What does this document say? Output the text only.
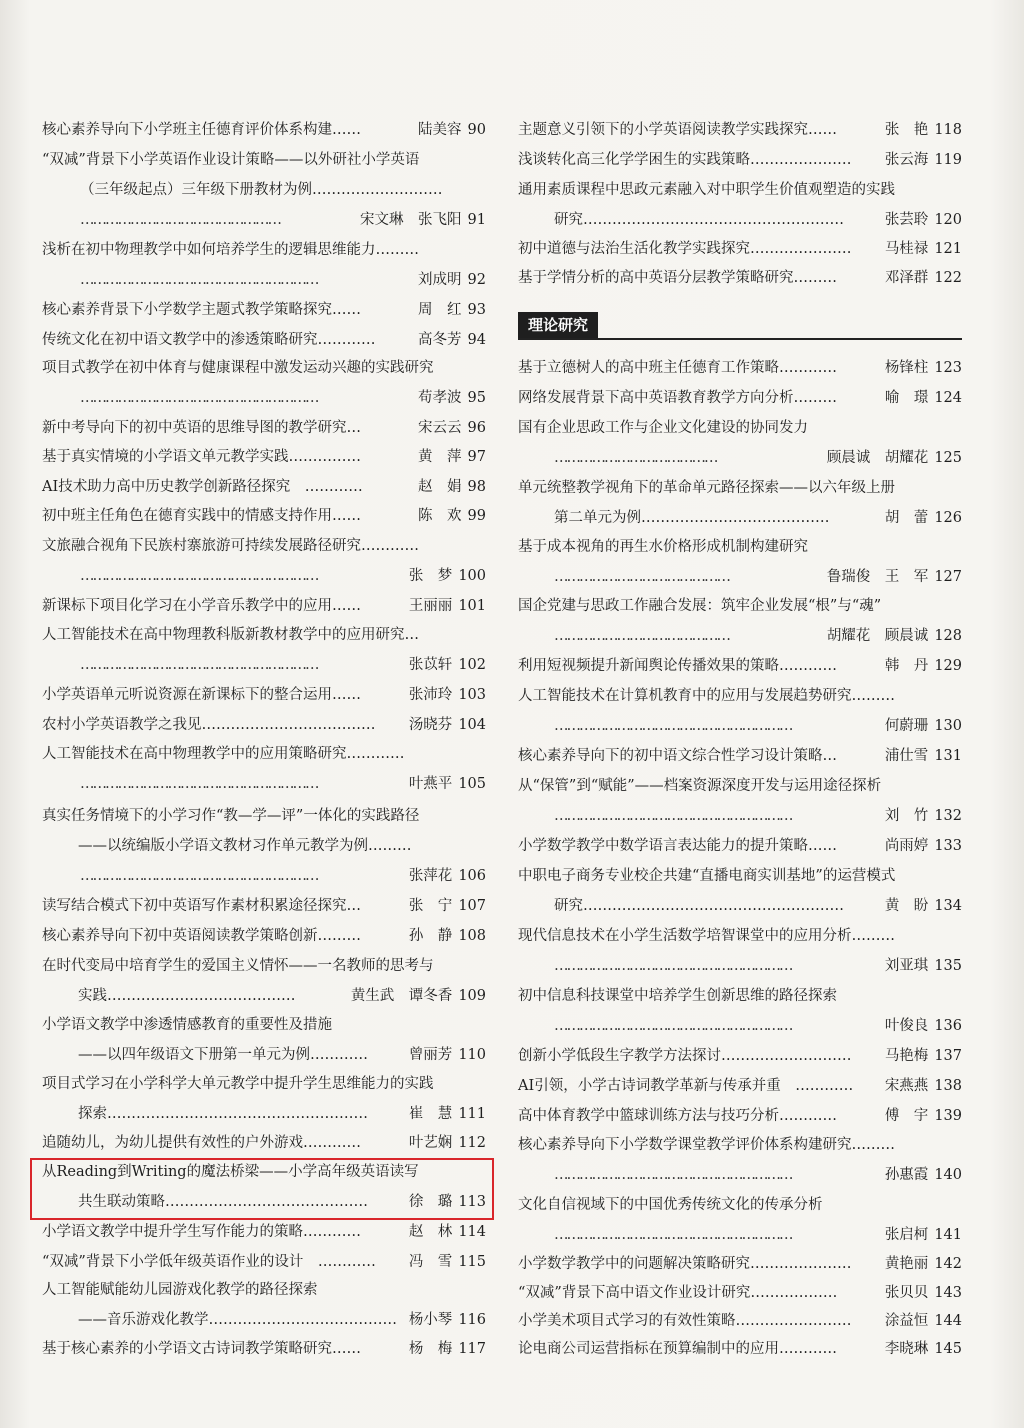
核心素养导向下小学班主任德育评价体系构建……	陆美容 90
“双减”背景下小学英语作业设计策略——以外研社小学英语
（三年级起点）三年级下册教材为例………………………
…………………………………………	宋文琳　张飞阳 91
浅析在初中物理教学中如何培养学生的逻辑思维能力………
…………………………………………………	刘成明 92
核心素养背景下小学数学主题式教学策略探究……	周　红 93
传统文化在初中语文教学中的渗透策略研究…………	高冬芳 94
项目式教学在初中体育与健康课程中激发运动兴趣的实践研究
…………………………………………………	苟孝波 95
新中考导向下的初中英语的思维导图的教学研究…	宋云云 96
基于真实情境的小学语文单元教学实践……………	黄　萍 97
AI技术助力高中历史教学创新路径探究　…………	赵　娟 98
初中班主任角色在德育实践中的情感支持作用……	陈　欢 99
文旅融合视角下民族村寨旅游可持续发展路径研究…………
…………………………………………………	张　梦 100
新课标下项目化学习在小学音乐教学中的应用……	王丽丽 101
人工智能技术在高中物理教科版新教材教学中的应用研究…
…………………………………………………	张苡轩 102
小学英语单元听说资源在新课标下的整合运用……	张沛玲 103
农村小学英语教学之我见………………………………	汤晓芬 104
人工智能技术在高中物理教学中的应用策略研究…………
…………………………………………………	叶燕平 105
真实任务情境下的小学习作“教—学—评”一体化的实践路径
——以统编版小学语文教材习作单元教学为例………
…………………………………………………	张萍花 106
读写结合模式下初中英语写作素材积累途径探究…	张　宁 107
核心素养导向下初中英语阅读教学策略创新………	孙　静 108
在时代变局中培育学生的爱国主义情怀——一名教师的思考与
实践…………………………………	黄生武　谭冬香 109
小学语文教学中渗透情感教育的重要性及措施
——以四年级语文下册第一单元为例…………	曾丽芳 110
项目式学习在小学科学大单元教学中提升学生思维能力的实践
探索………………………………………………	崔　慧 111
追随幼儿，为幼儿提供有效性的户外游戏…………	叶艺娴 112
从Reading到Writing的魔法桥梁——小学高年级英语读写
共生联动策略……………………………………	徐　璐 113
小学语文教学中提升学生写作能力的策略…………	赵　林 114
“双减”背景下小学低年级英语作业的设计　…………	冯　雪 115
人工智能赋能幼儿园游戏化教学的路径探索
——音乐游戏化教学………………………………… 杨小琴 116
基于核心素养的小学语文古诗词教学策略研究……	杨　梅 117
主题意义引领下的小学英语阅读教学实践探究……	张　艳 118
浅谈转化高三化学学困生的实践策略…………………	张云海 119
通用素质课程中思政元素融入对中职学生价值观塑造的实践
研究………………………………………………	张芸聆 120
初中道德与法治生活化教学实践探究…………………	马桂禄 121
基于学情分析的高中英语分层教学策略研究………	邓泽群 122
理论研究
基于立德树人的高中班主任德育工作策略…………	杨锋柱 123
网络发展背景下高中英语教育教学方向分析………	喻　璟 124
国有企业思政工作与企业文化建设的协同发力
…………………………………	顾晨诚　胡耀花 125
单元统整教学视角下的革命单元路径探索——以六年级上册
第二单元为例…………………………………	胡　蕾 126
基于成本视角的再生水价格形成机制构建研究
……………………………………	鲁瑞俊　王　军 127
国企党建与思政工作融合发展：筑牢企业发展“根”与“魂”
……………………………………	胡耀花　顾晨诚 128
利用短视频提升新闻舆论传播效果的策略…………	韩　丹 129
人工智能技术在计算机教育中的应用与发展趋势研究………
…………………………………………………	何蔚珊 130
核心素养导向下的初中语文综合性学习设计策略…	浦仕雪 131
从“保管”到“赋能”——档案资源深度开发与运用途径探析
…………………………………………………	刘　竹 132
小学数学教学中数学语言表达能力的提升策略……	尚雨婷 133
中职电子商务专业校企共建“直播电商实训基地”的运营模式
研究………………………………………………	黄　盼 134
现代信息技术在小学生活数学培智课堂中的应用分析………
…………………………………………………	刘亚琪 135
初中信息科技课堂中培养学生创新思维的路径探索
…………………………………………………	叶俊良 136
创新小学低段生字教学方法探讨………………………	马艳梅 137
AI引领，小学古诗词教学革新与传承并重　…………	宋燕燕 138
高中体育教学中篮球训练方法与技巧分析…………	傅　宇 139
核心素养导向下小学数学课堂教学评价体系构建研究………
…………………………………………………	孙惠霞 140
文化自信视域下的中国优秀传统文化的传承分析
…………………………………………………	张启柯 141
小学数学教学中的问题解决策略研究…………………	黄艳丽 142
“双减”背景下高中语文作业设计研究………………	张贝贝 143
小学美术项目式学习的有效性策略……………………	涂益恒 144
论电商公司运营指标在预算编制中的应用…………	李晓琳 145
